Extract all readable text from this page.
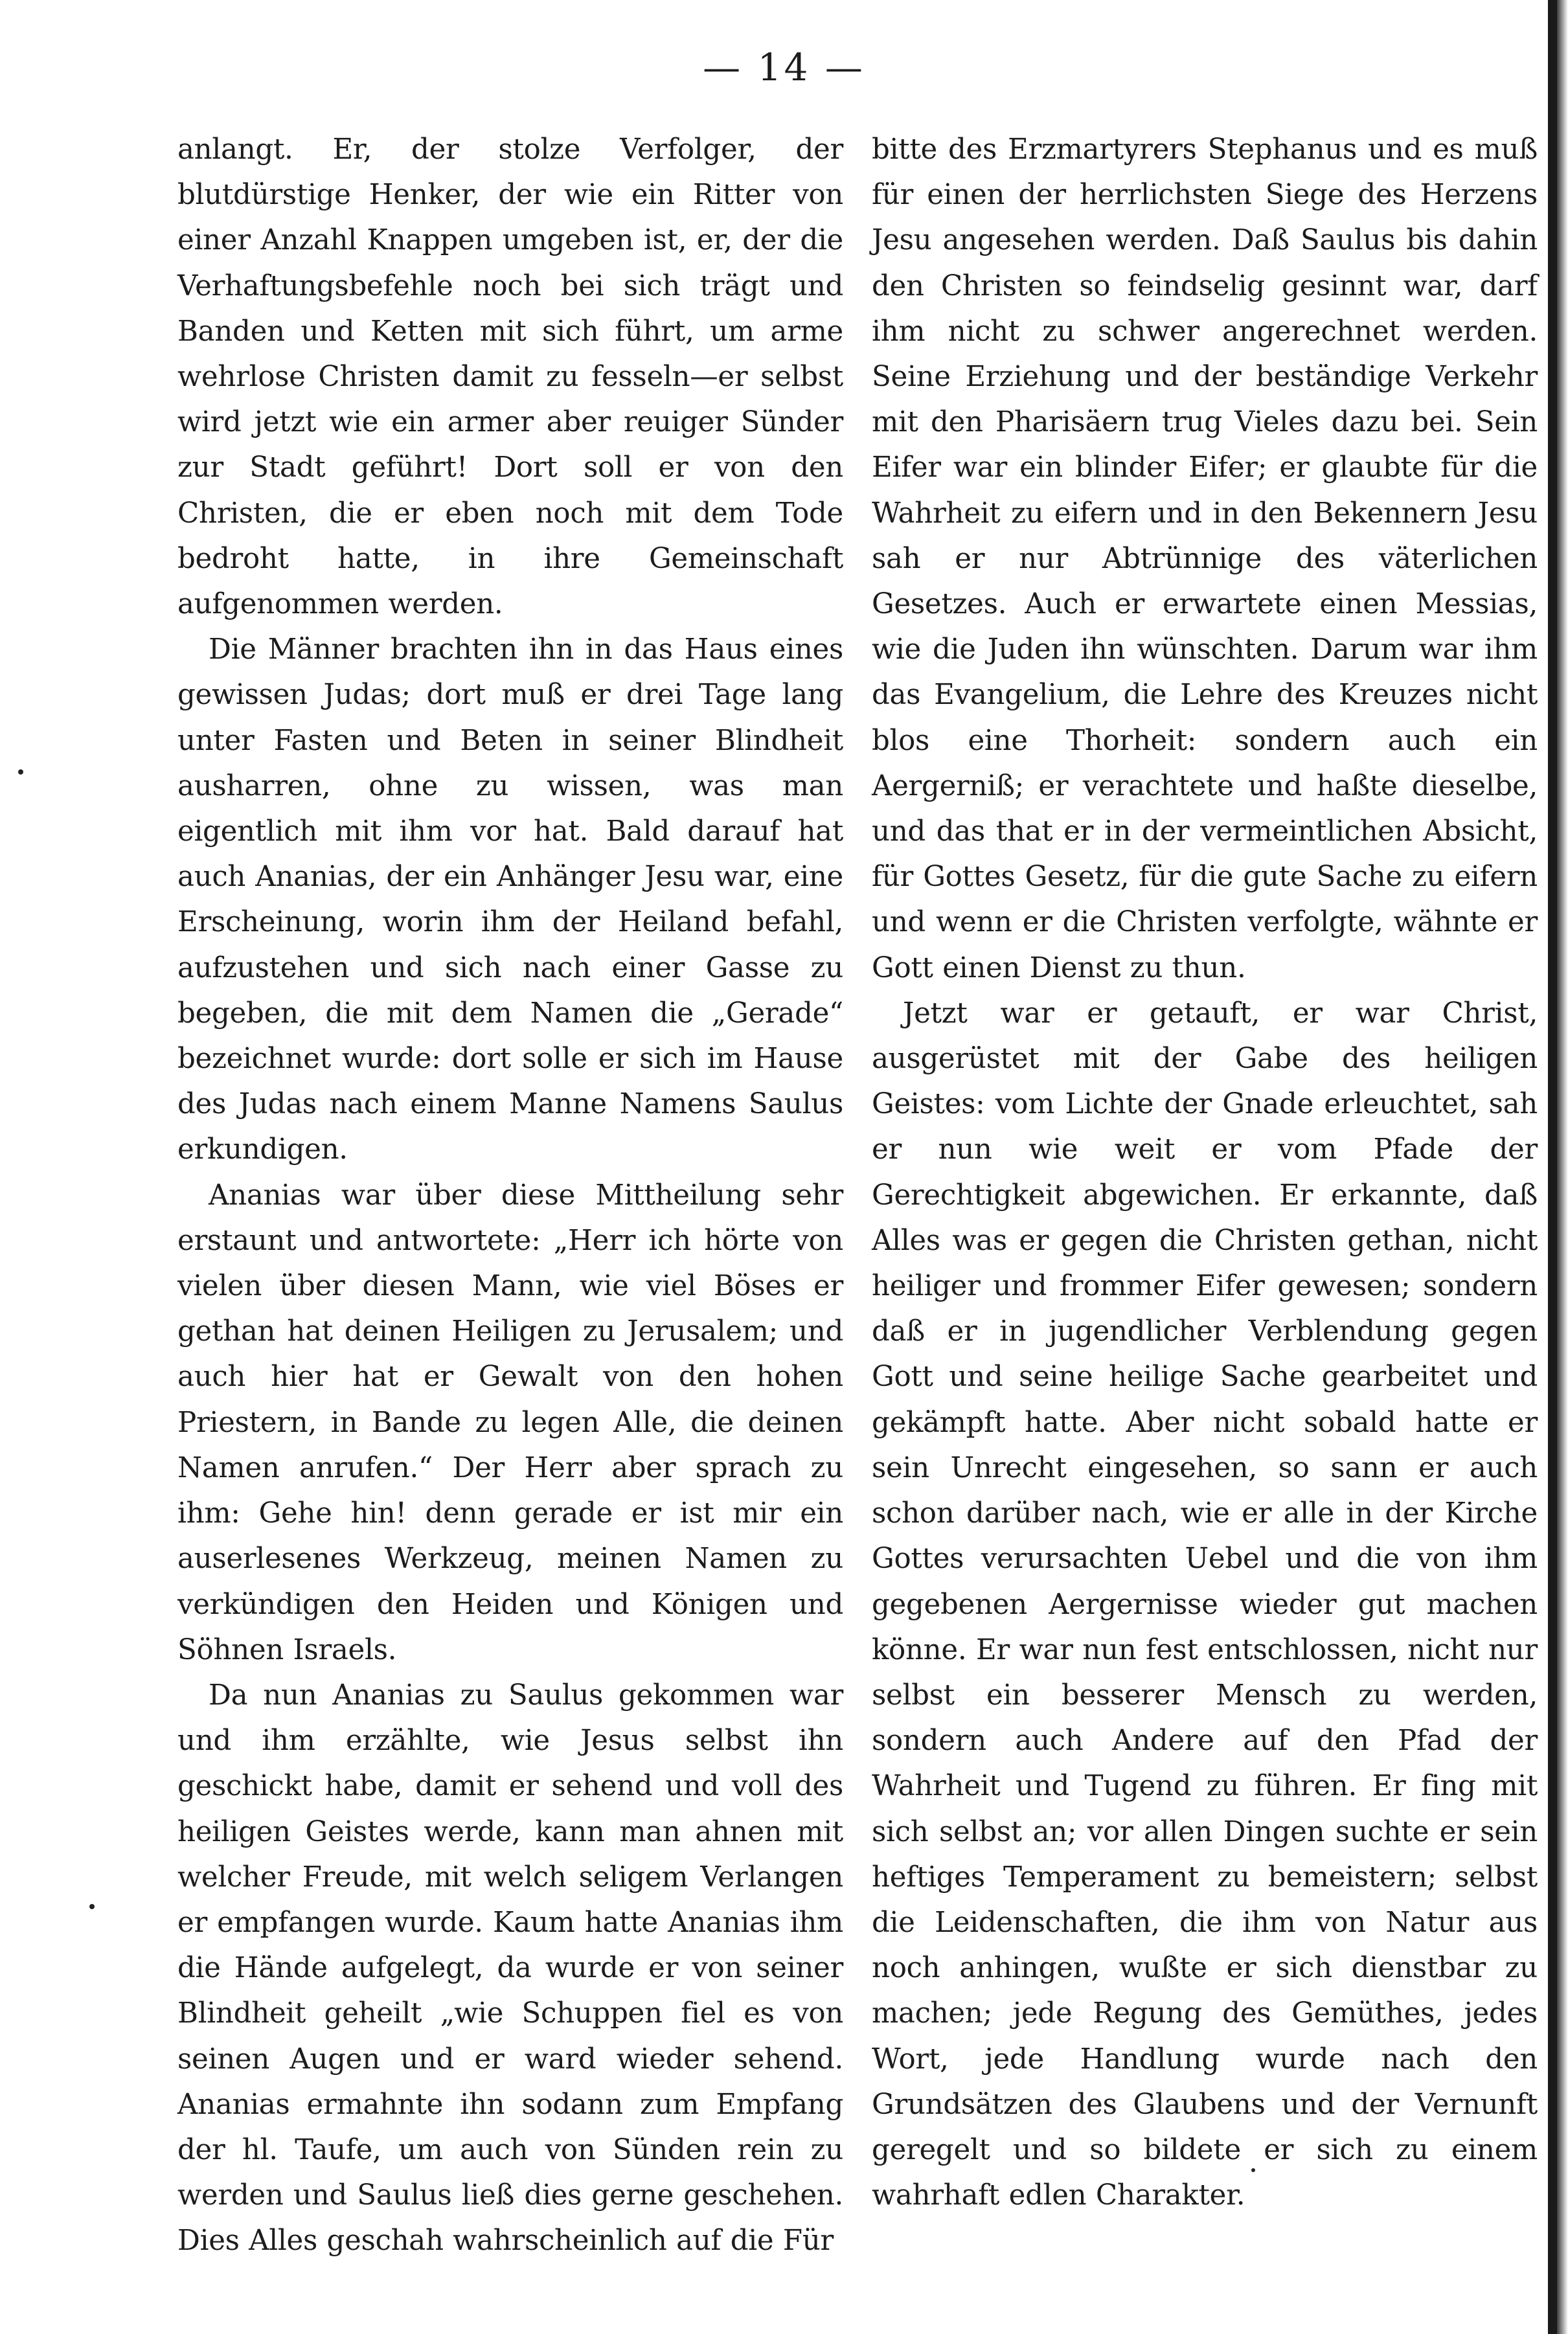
— 14 —

anlangt. Er, der stolze Verfolger, der blutdürstige Henker, der wie ein Ritter von einer Anzahl Knappen umgeben ist, er, der die Verhaftungsbefehle noch bei sich trägt und Banden und Ketten mit sich führt, um arme wehrlose Christen damit zu fesseln—er selbst wird jetzt wie ein armer aber reuiger Sünder zur Stadt geführt! Dort soll er von den Christen, die er eben noch mit dem Tode bedroht hatte, in ihre Gemeinschaft aufgenommen werden.

Die Männer brachten ihn in das Haus eines gewissen Judas; dort muß er drei Tage lang unter Fasten und Beten in seiner Blindheit ausharren, ohne zu wissen, was man eigentlich mit ihm vor hat. Bald darauf hat auch Ananias, der ein Anhänger Jesu war, eine Erscheinung, worin ihm der Heiland befahl, aufzustehen und sich nach einer Gasse zu begeben, die mit dem Namen die „Gerade“ bezeichnet wurde: dort solle er sich im Hause des Judas nach einem Manne Namens Saulus erkundigen.

Ananias war über diese Mittheilung sehr erstaunt und antwortete: „Herr ich hörte von vielen über diesen Mann, wie viel Böses er gethan hat deinen Heiligen zu Jerusalem; und auch hier hat er Gewalt von den hohen Priestern, in Bande zu legen Alle, die deinen Namen anrufen.“ Der Herr aber sprach zu ihm: Gehe hin! denn gerade er ist mir ein auserlesenes Werkzeug, meinen Namen zu verkündigen den Heiden und Königen und Söhnen Israels.

Da nun Ananias zu Saulus gekommen war und ihm erzählte, wie Jesus selbst ihn geschickt habe, damit er sehend und voll des heiligen Geistes werde, kann man ahnen mit welcher Freude, mit welch seligem Verlangen er empfangen wurde. Kaum hatte Ananias ihm die Hände aufgelegt, da wurde er von seiner Blindheit geheilt „wie Schuppen fiel es von seinen Augen und er ward wieder sehend. Ananias ermahnte ihn sodann zum Empfang der hl. Taufe, um auch von Sünden rein zu werden und Saulus ließ dies gerne geschehen. Dies Alles geschah wahrscheinlich auf die Für

bitte des Erzmartyrers Stephanus und es muß für einen der herrlichsten Siege des Herzens Jesu angesehen werden. Daß Saulus bis dahin den Christen so feindselig gesinnt war, darf ihm nicht zu schwer angerechnet werden. Seine Erziehung und der beständige Verkehr mit den Pharisäern trug Vieles dazu bei. Sein Eifer war ein blinder Eifer; er glaubte für die Wahrheit zu eifern und in den Bekennern Jesu sah er nur Abtrünnige des väterlichen Gesetzes. Auch er erwartete einen Messias, wie die Juden ihn wünschten. Darum war ihm das Evangelium, die Lehre des Kreuzes nicht blos eine Thorheit: sondern auch ein Aergerniß; er verachtete und haßte dieselbe, und das that er in der vermeintlichen Absicht, für Gottes Gesetz, für die gute Sache zu eifern und wenn er die Christen verfolgte, wähnte er Gott einen Dienst zu thun.

Jetzt war er getauft, er war Christ, ausgerüstet mit der Gabe des heiligen Geistes: vom Lichte der Gnade erleuchtet, sah er nun wie weit er vom Pfade der Gerechtigkeit abgewichen. Er erkannte, daß Alles was er gegen die Christen gethan, nicht heiliger und frommer Eifer gewesen; sondern daß er in jugendlicher Verblendung gegen Gott und seine heilige Sache gearbeitet und gekämpft hatte. Aber nicht sobald hatte er sein Unrecht eingesehen, so sann er auch schon darüber nach, wie er alle in der Kirche Gottes verursachten Uebel und die von ihm gegebenen Aergernisse wieder gut machen könne. Er war nun fest entschlossen, nicht nur selbst ein besserer Mensch zu werden, sondern auch Andere auf den Pfad der Wahrheit und Tugend zu führen. Er fing mit sich selbst an; vor allen Dingen suchte er sein heftiges Temperament zu bemeistern; selbst die Leidenschaften, die ihm von Natur aus noch anhingen, wußte er sich dienstbar zu machen; jede Regung des Gemüthes, jedes Wort, jede Handlung wurde nach den Grundsätzen des Glaubens und der Vernunft geregelt und so bildete er sich zu einem wahrhaft edlen Charakter.
